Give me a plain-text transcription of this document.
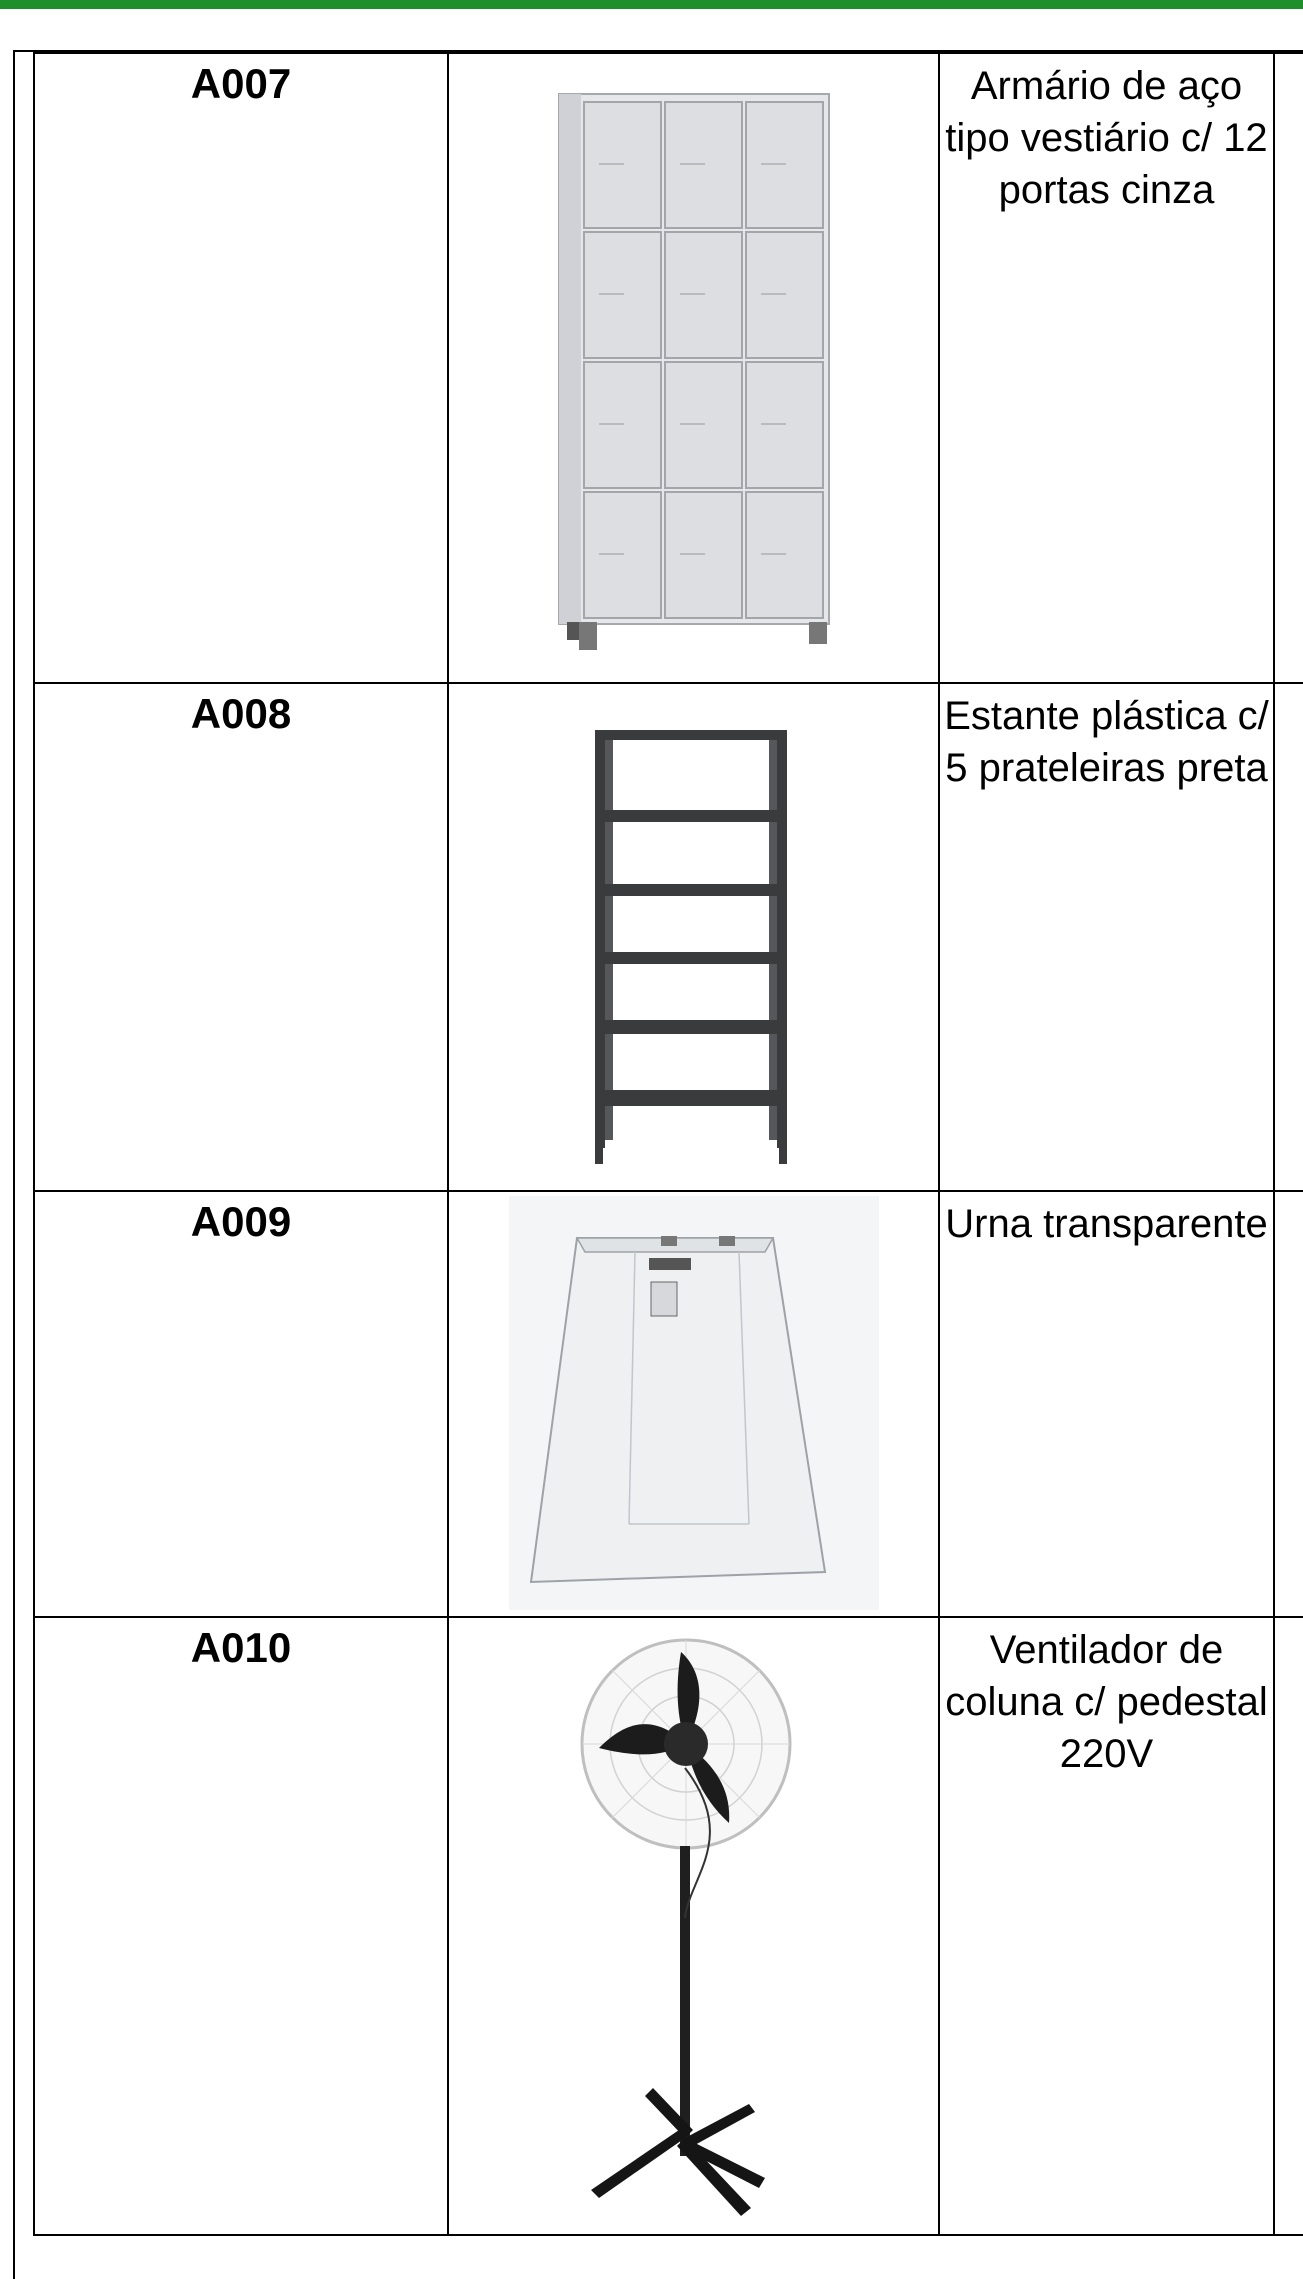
A007		Armário de aço tipo vestiário c/ 12 portas cinza	
A008		Estante plástica c/ 5 prateleiras preta	
A009		Urna transparente	
A010		Ventilador de coluna c/ pedestal 220V	
